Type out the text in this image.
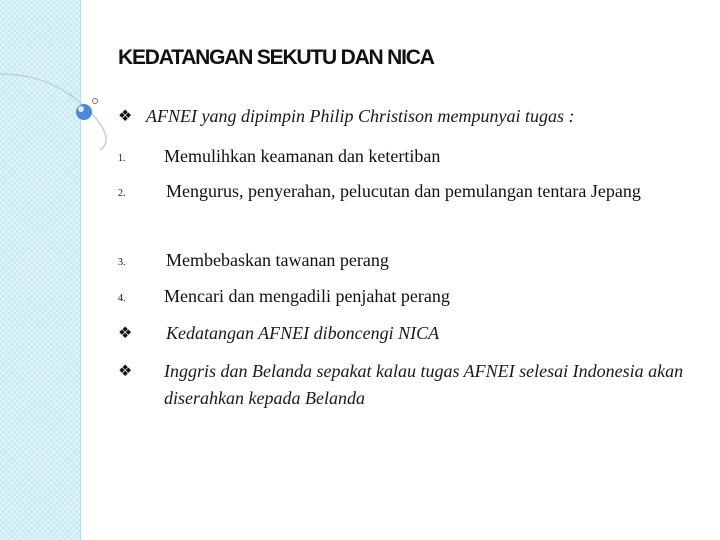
KEDATANGAN SEKUTU DAN NICA
❖ AFNEI yang dipimpin Philip Christison mempunyai tugas :
1.	Memulihkan keamanan dan ketertiban
2.	Mengurus, penyerahan, pelucutan dan pemulangan tentara Jepang
3.	Membebaskan tawanan perang
4.	Mencari dan mengadili penjahat perang
❖	Kedatangan AFNEI diboncengi NICA
❖	Inggris dan Belanda sepakat kalau tugas AFNEI selesai Indonesia akan diserahkan kepada Belanda
